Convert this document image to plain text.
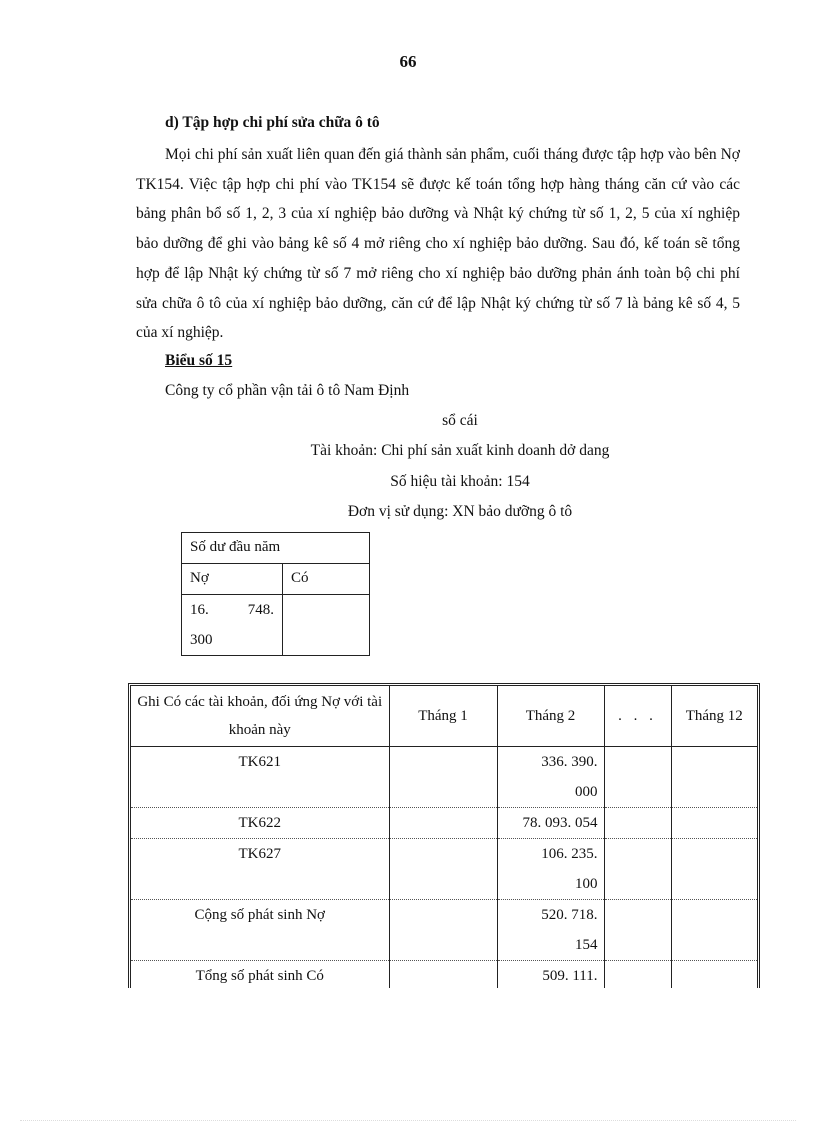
66
d) Tập hợp chi phí sửa chữa ô tô

Mọi chi phí sản xuất liên quan đến giá thành sản phẩm, cuối tháng được tập hợp vào bên Nợ TK154. Việc tập hợp chi phí vào TK154 sẽ được kế toán tổng hợp hàng tháng căn cứ vào các bảng phân bổ số 1, 2, 3 của xí nghiệp bảo dưỡng và Nhật ký chứng từ số 1, 2, 5 của xí nghiệp bảo dưỡng để ghi vào bảng kê số 4 mở riêng cho xí nghiệp bảo dưỡng. Sau đó, kế toán sẽ tổng hợp để lập Nhật ký chứng từ số 7 mở riêng cho xí nghiệp bảo dưỡng phản ánh toàn bộ chi phí sửa chữa ô tô của xí nghiệp bảo dưỡng, căn cứ để lập Nhật ký chứng từ số 7 là bảng kê số 4, 5 của xí nghiệp.

Biểu số 15
Công ty cổ phần vận tải ô tô Nam Định
sổ cái
Tài khoản: Chi phí sản xuất kinh doanh dở dang
Số hiệu tài khoản: 154
Đơn vị sử dụng: XN bảo dưỡng ô tô
Số dư đầu năm	
Nợ	Có

16. 748.
300	

Ghi Có các tài khoản, đối ứng Nợ với tài khoản này	Tháng 1	Tháng 2	. . .	Tháng 12
TK621		336. 390.
000		

TK622		78. 093. 054		

TK627		106. 235.
100		

Cộng số phát sinh Nợ		520. 718.
154		

Tổng số phát sinh Có		509. 111.		
